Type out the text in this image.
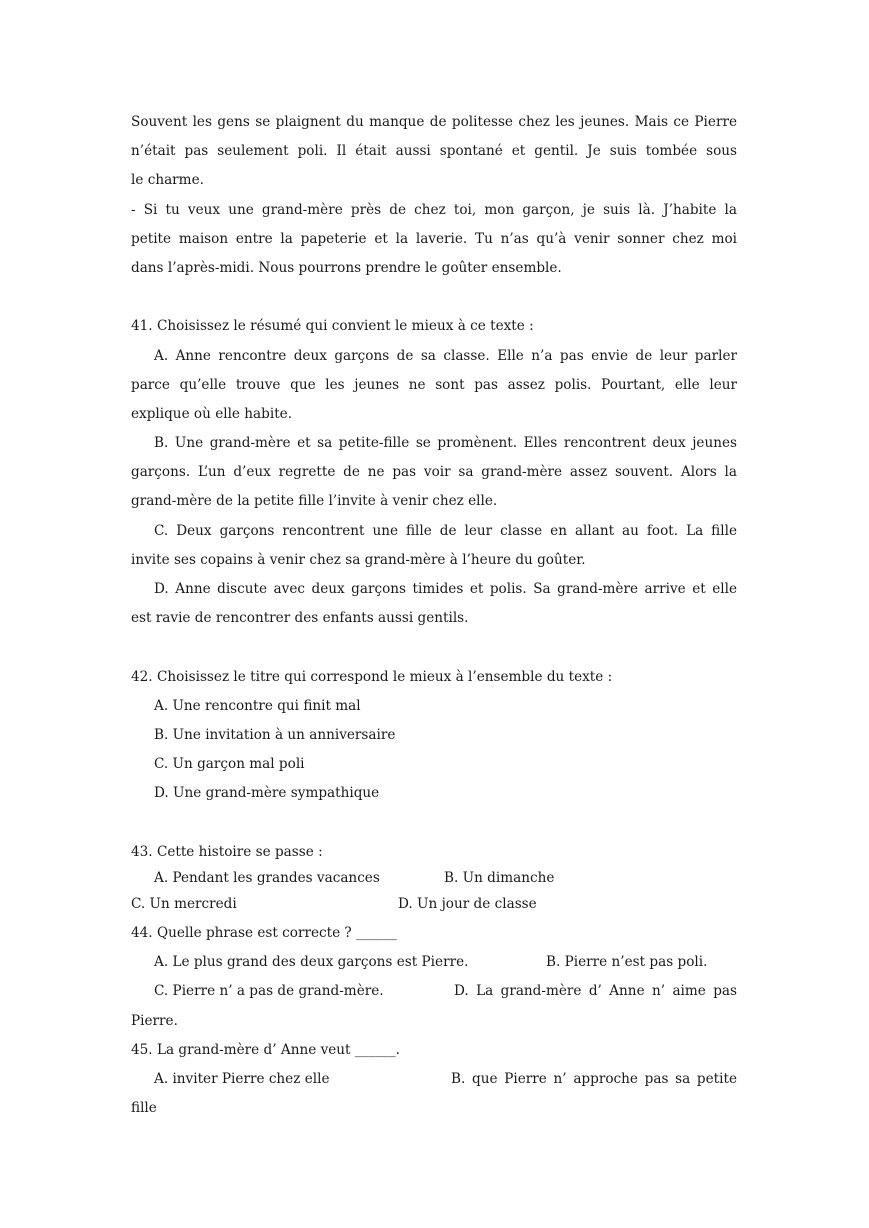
Souvent les gens se plaignent du manque de politesse chez les jeunes. Mais ce Pierre
n’était pas seulement poli. Il était aussi spontané et gentil. Je suis tombée sous
le charme.
- Si tu veux une grand-mère près de chez toi, mon garçon, je suis là. J’habite la
petite maison entre la papeterie et la laverie. Tu n’as qu’à venir sonner chez moi
dans l’après-midi. Nous pourrons prendre le goûter ensemble.
41. Choisissez le résumé qui convient le mieux à ce texte :
A. Anne rencontre deux garçons de sa classe. Elle n’a pas envie de leur parler
parce qu’elle trouve que les jeunes ne sont pas assez polis. Pourtant, elle leur
explique où elle habite.
B. Une grand-mère et sa petite-fille se promènent. Elles rencontrent deux jeunes
garçons. L’un d’eux regrette de ne pas voir sa grand-mère assez souvent. Alors la
grand-mère de la petite fille l’invite à venir chez elle.
C. Deux garçons rencontrent une fille de leur classe en allant au foot. La fille
invite ses copains à venir chez sa grand-mère à l’heure du goûter.
D. Anne discute avec deux garçons timides et polis. Sa grand-mère arrive et elle
est ravie de rencontrer des enfants aussi gentils.
42. Choisissez le titre qui correspond le mieux à l’ensemble du texte :
A. Une rencontre qui finit mal
B. Une invitation à un anniversaire
C. Un garçon mal poli
D. Une grand-mère sympathique
43. Cette histoire se passe :
A. Pendant les grandes vacances	B. Un dimanche
C. Un mercredi	D. Un jour de classe
44. Quelle phrase est correcte ? ______
A. Le plus grand des deux garçons est Pierre.	B. Pierre n’est pas poli.
C. Pierre n’ a pas de grand-mère.	D. La grand-mère d’ Anne n’ aime pas
Pierre.
45. La grand-mère d’ Anne veut ______.
A. inviter Pierre chez elle	B. que Pierre n’ approche pas sa petite
fille
